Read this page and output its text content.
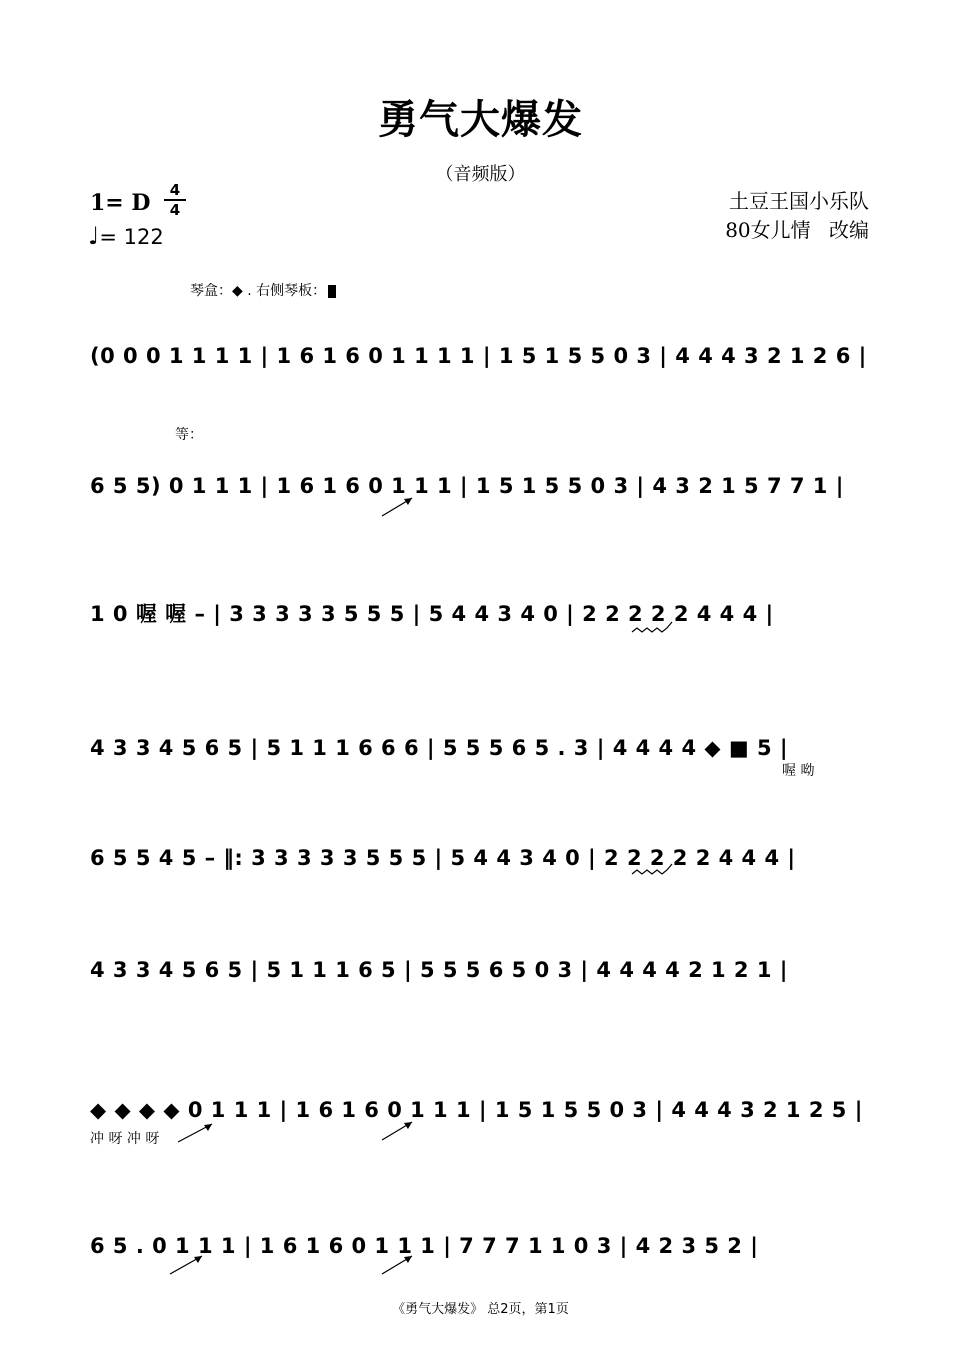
勇气大爆发
（音频版）
1= D	4
4
♩= 122
土豆王国小乐队
80女儿情 改编
琴盒：◆ . 右侧琴板：
(0 0 0 1 1 1 1 | 1 6 1 6 0 1 1 1 1 | 1 5 1 5 5 0 3 | 4 4 4 3 2 1 2 6 |
等：
6 5 5) 0 1 1 1 | 1 6 1 6 0 1 1 1 | 1 5 1 5 5 0 3 | 4 3 2 1 5 7 7 1 |
1 0 喔 喔 – | 3 3 3 3 3 5 5 5 | 5 4 4 3 4 0 | 2 2 2 2 2 4 4 4 |
喔 呦
4 3 3 4 5 6 5 | 5 1 1 1 6 6 6 | 5 5 5 6 5 . 3 | 4 4 4 4 ◆ ■ 5 |
6 5 5 4 5 – ‖: 3 3 3 3 3 5 5 5 | 5 4 4 3 4 0 | 2 2 2 2 2 4 4 4 |
4 3 3 4 5 6 5 | 5 1 1 1 6 5 | 5 5 5 6 5 0 3 | 4 4 4 4 2 1 2 1 |
冲 呀 冲 呀
◆ ◆ ◆ ◆ 0 1 1 1 | 1 6 1 6 0 1 1 1 | 1 5 1 5 5 0 3 | 4 4 4 3 2 1 2 5 |
6 5 . 0 1 1 1 | 1 6 1 6 0 1 1 1 | 7 7 7 1 1 0 3 | 4 2 3 5 2 |
《勇气大爆发》 总2页，第1页
